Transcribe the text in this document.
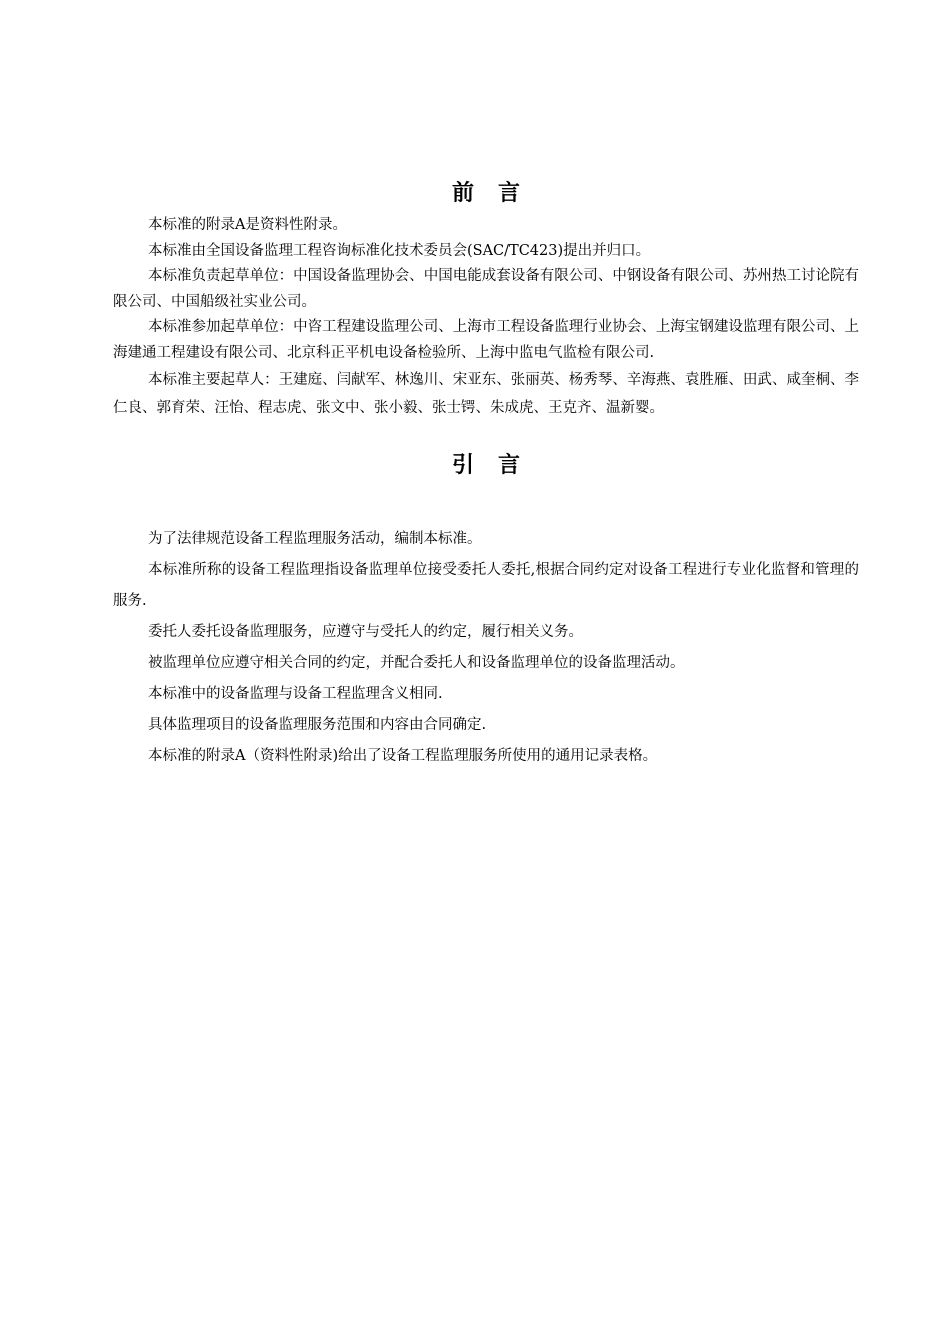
前言

本标准的附录A是资料性附录。

本标准由全国设备监理工程咨询标准化技术委员会(SAC/TC423)提出并归口。

本标准负责起草单位：中国设备监理协会、中国电能成套设备有限公司、中钢设备有限公司、苏州热工讨论院有限公司、中国船级社实业公司。

本标准参加起草单位：中咨工程建设监理公司、上海市工程设备监理行业协会、上海宝钢建设监理有限公司、上海建通工程建设有限公司、北京科正平机电设备检验所、上海中监电气监检有限公司.

本标准主要起草人：王建庭、闫献军、林逸川、宋亚东、张丽英、杨秀琴、辛海燕、袁胜雁、田武、咸奎桐、李仁良、郭育荣、汪怡、程志虎、张文中、张小毅、张士锷、朱成虎、王克齐、温新婴。

引言

为了法律规范设备工程监理服务活动，编制本标准。

本标准所称的设备工程监理指设备监理单位接受委托人委托,根据合同约定对设备工程进行专业化监督和管理的服务.

委托人委托设备监理服务，应遵守与受托人的约定，履行相关义务。

被监理单位应遵守相关合同的约定，并配合委托人和设备监理单位的设备监理活动。

本标准中的设备监理与设备工程监理含义相同.

具体监理项目的设备监理服务范围和内容由合同确定.

本标准的附录A（资料性附录)给出了设备工程监理服务所使用的通用记录表格。
